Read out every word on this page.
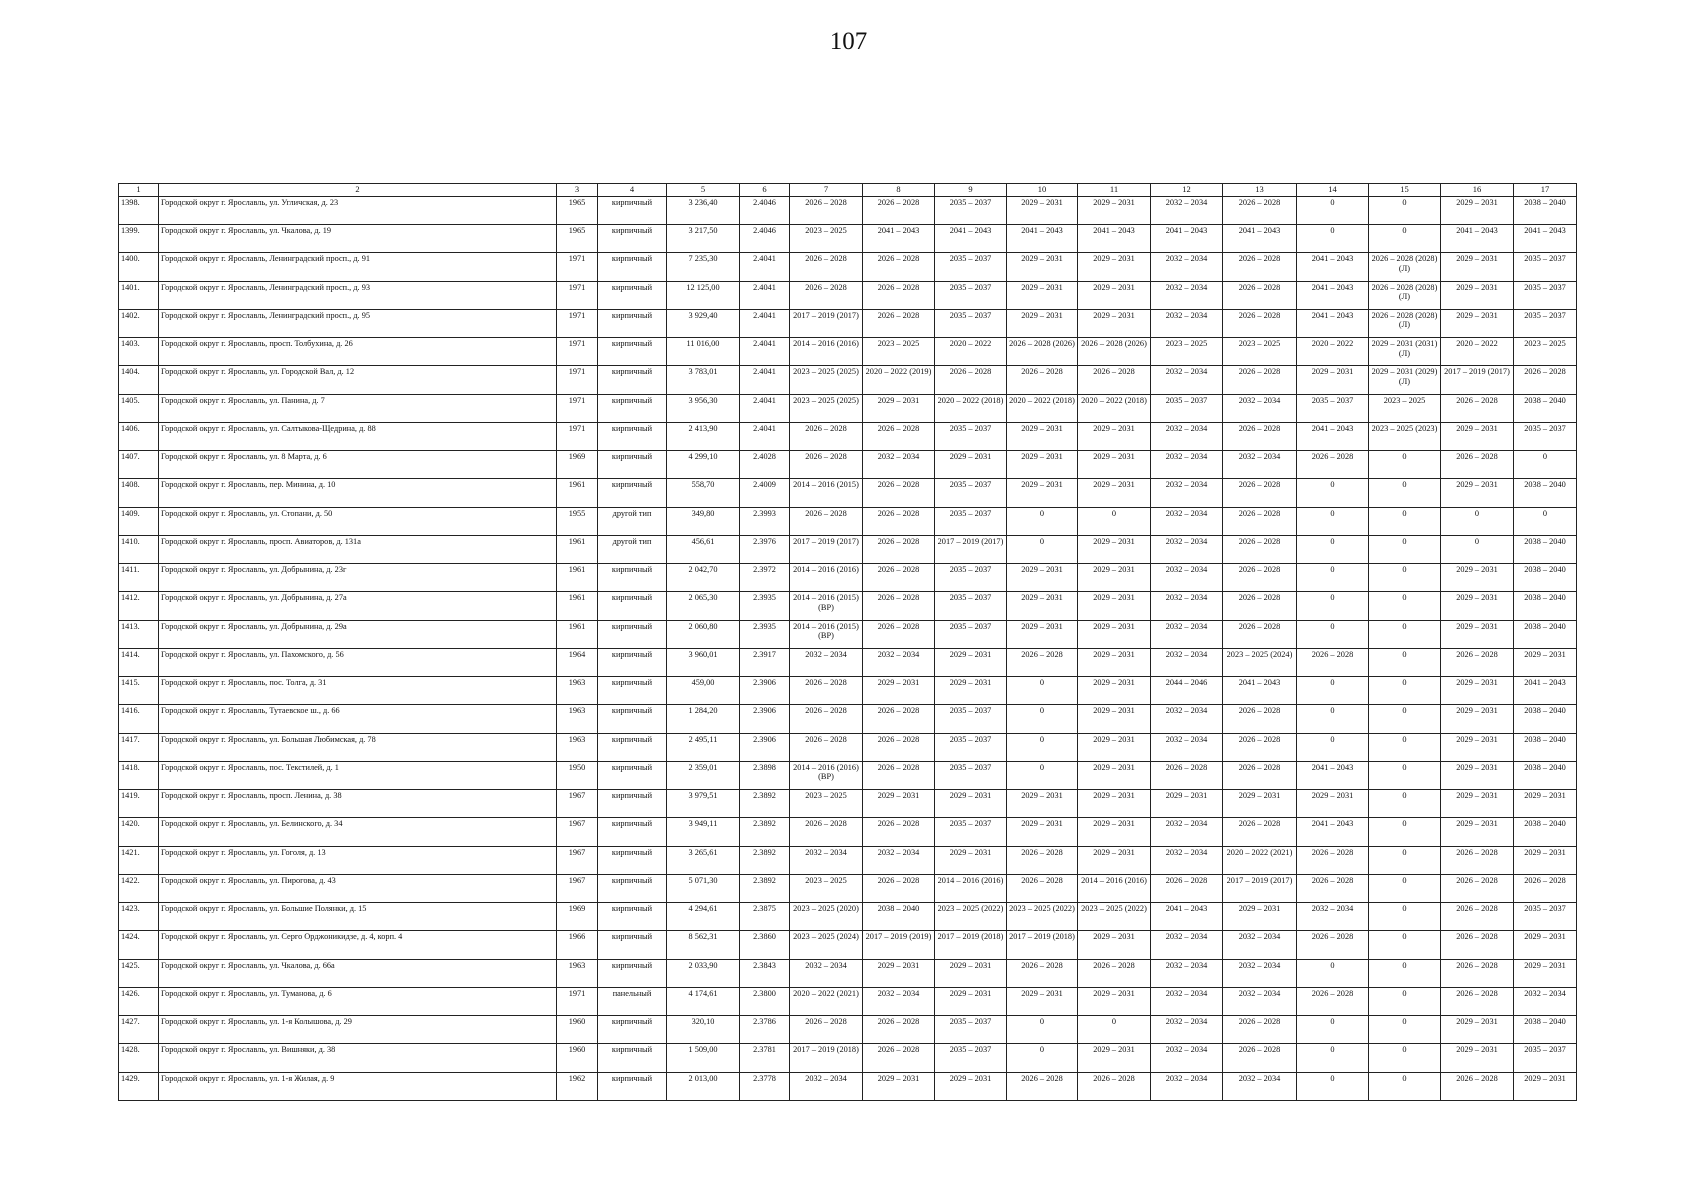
107
1	2	3	4	5	6	7	8	9	10	11	12	13	14	15	16	17
1398.	Городской округ г. Ярославль, ул. Угличская, д. 23	1965	кирпичный	3 236,40	2.4046	2026 – 2028	2026 – 2028	2035 – 2037	2029 – 2031	2029 – 2031	2032 – 2034	2026 – 2028	0	0	2029 – 2031	2038 – 2040
1399.	Городской округ г. Ярославль, ул. Чкалова, д. 19	1965	кирпичный	3 217,50	2.4046	2023 – 2025	2041 – 2043	2041 – 2043	2041 – 2043	2041 – 2043	2041 – 2043	2041 – 2043	0	0	2041 – 2043	2041 – 2043
1400.	Городской округ г. Ярославль, Ленинградский просп., д. 91	1971	кирпичный	7 235,30	2.4041	2026 – 2028	2026 – 2028	2035 – 2037	2029 – 2031	2029 – 2031	2032 – 2034	2026 – 2028	2041 – 2043	2026 – 2028 (2028) (Л)	2029 – 2031	2035 – 2037
1401.	Городской округ г. Ярославль, Ленинградский просп., д. 93	1971	кирпичный	12 125,00	2.4041	2026 – 2028	2026 – 2028	2035 – 2037	2029 – 2031	2029 – 2031	2032 – 2034	2026 – 2028	2041 – 2043	2026 – 2028 (2028) (Л)	2029 – 2031	2035 – 2037
1402.	Городской округ г. Ярославль, Ленинградский просп., д. 95	1971	кирпичный	3 929,40	2.4041	2017 – 2019 (2017)	2026 – 2028	2035 – 2037	2029 – 2031	2029 – 2031	2032 – 2034	2026 – 2028	2041 – 2043	2026 – 2028 (2028) (Л)	2029 – 2031	2035 – 2037
1403.	Городской округ г. Ярославль, просп. Толбухина, д. 26	1971	кирпичный	11 016,00	2.4041	2014 – 2016 (2016)	2023 – 2025	2020 – 2022	2026 – 2028 (2026)	2026 – 2028 (2026)	2023 – 2025	2023 – 2025	2020 – 2022	2029 – 2031 (2031) (Л)	2020 – 2022	2023 – 2025
1404.	Городской округ г. Ярославль, ул. Городской Вал, д. 12	1971	кирпичный	3 783,01	2.4041	2023 – 2025 (2025)	2020 – 2022 (2019)	2026 – 2028	2026 – 2028	2026 – 2028	2032 – 2034	2026 – 2028	2029 – 2031	2029 – 2031 (2029) (Л)	2017 – 2019 (2017)	2026 – 2028
1405.	Городской округ г. Ярославль, ул. Панина, д. 7	1971	кирпичный	3 956,30	2.4041	2023 – 2025 (2025)	2029 – 2031	2020 – 2022 (2018)	2020 – 2022 (2018)	2020 – 2022 (2018)	2035 – 2037	2032 – 2034	2035 – 2037	2023 – 2025	2026 – 2028	2038 – 2040
1406.	Городской округ г. Ярославль, ул. Салтыкова-Щедрина, д. 88	1971	кирпичный	2 413,90	2.4041	2026 – 2028	2026 – 2028	2035 – 2037	2029 – 2031	2029 – 2031	2032 – 2034	2026 – 2028	2041 – 2043	2023 – 2025 (2023)	2029 – 2031	2035 – 2037
1407.	Городской округ г. Ярославль, ул. 8 Марта, д. 6	1969	кирпичный	4 299,10	2.4028	2026 – 2028	2032 – 2034	2029 – 2031	2029 – 2031	2029 – 2031	2032 – 2034	2032 – 2034	2026 – 2028	0	2026 – 2028	0
1408.	Городской округ г. Ярославль, пер. Минина, д. 10	1961	кирпичный	558,70	2.4009	2014 – 2016 (2015)	2026 – 2028	2035 – 2037	2029 – 2031	2029 – 2031	2032 – 2034	2026 – 2028	0	0	2029 – 2031	2038 – 2040
1409.	Городской округ г. Ярославль, ул. Стопани, д. 50	1955	другой тип	349,80	2.3993	2026 – 2028	2026 – 2028	2035 – 2037	0	0	2032 – 2034	2026 – 2028	0	0	0	0
1410.	Городской округ г. Ярославль, просп. Авиаторов, д. 131а	1961	другой тип	456,61	2.3976	2017 – 2019 (2017)	2026 – 2028	2017 – 2019 (2017)	0	2029 – 2031	2032 – 2034	2026 – 2028	0	0	0	2038 – 2040
1411.	Городской округ г. Ярославль, ул. Добрынина, д. 23г	1961	кирпичный	2 042,70	2.3972	2014 – 2016 (2016)	2026 – 2028	2035 – 2037	2029 – 2031	2029 – 2031	2032 – 2034	2026 – 2028	0	0	2029 – 2031	2038 – 2040
1412.	Городской округ г. Ярославль, ул. Добрынина, д. 27а	1961	кирпичный	2 065,30	2.3935	2014 – 2016 (2015) (ВР)	2026 – 2028	2035 – 2037	2029 – 2031	2029 – 2031	2032 – 2034	2026 – 2028	0	0	2029 – 2031	2038 – 2040
1413.	Городской округ г. Ярославль, ул. Добрынина, д. 29а	1961	кирпичный	2 060,80	2.3935	2014 – 2016 (2015) (ВР)	2026 – 2028	2035 – 2037	2029 – 2031	2029 – 2031	2032 – 2034	2026 – 2028	0	0	2029 – 2031	2038 – 2040
1414.	Городской округ г. Ярославль, ул. Пахомского, д. 56	1964	кирпичный	3 960,01	2.3917	2032 – 2034	2032 – 2034	2029 – 2031	2026 – 2028	2029 – 2031	2032 – 2034	2023 – 2025 (2024)	2026 – 2028	0	2026 – 2028	2029 – 2031
1415.	Городской округ г. Ярославль, пос. Толга, д. 31	1963	кирпичный	459,00	2.3906	2026 – 2028	2029 – 2031	2029 – 2031	0	2029 – 2031	2044 – 2046	2041 – 2043	0	0	2029 – 2031	2041 – 2043
1416.	Городской округ г. Ярославль, Тутаевское ш., д. 66	1963	кирпичный	1 284,20	2.3906	2026 – 2028	2026 – 2028	2035 – 2037	0	2029 – 2031	2032 – 2034	2026 – 2028	0	0	2029 – 2031	2038 – 2040
1417.	Городской округ г. Ярославль, ул. Большая Любимская, д. 78	1963	кирпичный	2 495,11	2.3906	2026 – 2028	2026 – 2028	2035 – 2037	0	2029 – 2031	2032 – 2034	2026 – 2028	0	0	2029 – 2031	2038 – 2040
1418.	Городской округ г. Ярославль, пос. Текстилей, д. 1	1950	кирпичный	2 359,01	2.3898	2014 – 2016 (2016) (ВР)	2026 – 2028	2035 – 2037	0	2029 – 2031	2026 – 2028	2026 – 2028	2041 – 2043	0	2029 – 2031	2038 – 2040
1419.	Городской округ г. Ярославль, просп. Ленина, д. 38	1967	кирпичный	3 979,51	2.3892	2023 – 2025	2029 – 2031	2029 – 2031	2029 – 2031	2029 – 2031	2029 – 2031	2029 – 2031	2029 – 2031	0	2029 – 2031	2029 – 2031
1420.	Городской округ г. Ярославль, ул. Белинского, д. 34	1967	кирпичный	3 949,11	2.3892	2026 – 2028	2026 – 2028	2035 – 2037	2029 – 2031	2029 – 2031	2032 – 2034	2026 – 2028	2041 – 2043	0	2029 – 2031	2038 – 2040
1421.	Городской округ г. Ярославль, ул. Гоголя, д. 13	1967	кирпичный	3 265,61	2.3892	2032 – 2034	2032 – 2034	2029 – 2031	2026 – 2028	2029 – 2031	2032 – 2034	2020 – 2022 (2021)	2026 – 2028	0	2026 – 2028	2029 – 2031
1422.	Городской округ г. Ярославль, ул. Пирогова, д. 43	1967	кирпичный	5 071,30	2.3892	2023 – 2025	2026 – 2028	2014 – 2016 (2016)	2026 – 2028	2014 – 2016 (2016)	2026 – 2028	2017 – 2019 (2017)	2026 – 2028	0	2026 – 2028	2026 – 2028
1423.	Городской округ г. Ярославль, ул. Большие Полянки, д. 15	1969	кирпичный	4 294,61	2.3875	2023 – 2025 (2020)	2038 – 2040	2023 – 2025 (2022)	2023 – 2025 (2022)	2023 – 2025 (2022)	2041 – 2043	2029 – 2031	2032 – 2034	0	2026 – 2028	2035 – 2037
1424.	Городской округ г. Ярославль, ул. Серго Орджоникидзе, д. 4, корп. 4	1966	кирпичный	8 562,31	2.3860	2023 – 2025 (2024)	2017 – 2019 (2019)	2017 – 2019 (2018)	2017 – 2019 (2018)	2029 – 2031	2032 – 2034	2032 – 2034	2026 – 2028	0	2026 – 2028	2029 – 2031
1425.	Городской округ г. Ярославль, ул. Чкалова, д. 66а	1963	кирпичный	2 033,90	2.3843	2032 – 2034	2029 – 2031	2029 – 2031	2026 – 2028	2026 – 2028	2032 – 2034	2032 – 2034	0	0	2026 – 2028	2029 – 2031
1426.	Городской округ г. Ярославль, ул. Туманова, д. 6	1971	панельный	4 174,61	2.3800	2020 – 2022 (2021)	2032 – 2034	2029 – 2031	2029 – 2031	2029 – 2031	2032 – 2034	2032 – 2034	2026 – 2028	0	2026 – 2028	2032 – 2034
1427.	Городской округ г. Ярославль, ул. 1-я Колышова, д. 29	1960	кирпичный	320,10	2.3786	2026 – 2028	2026 – 2028	2035 – 2037	0	0	2032 – 2034	2026 – 2028	0	0	2029 – 2031	2038 – 2040
1428.	Городской округ г. Ярославль, ул. Вишняки, д. 38	1960	кирпичный	1 509,00	2.3781	2017 – 2019 (2018)	2026 – 2028	2035 – 2037	0	2029 – 2031	2032 – 2034	2026 – 2028	0	0	2029 – 2031	2035 – 2037
1429.	Городской округ г. Ярославль, ул. 1-я Жилая, д. 9	1962	кирпичный	2 013,00	2.3778	2032 – 2034	2029 – 2031	2029 – 2031	2026 – 2028	2026 – 2028	2032 – 2034	2032 – 2034	0	0	2026 – 2028	2029 – 2031
